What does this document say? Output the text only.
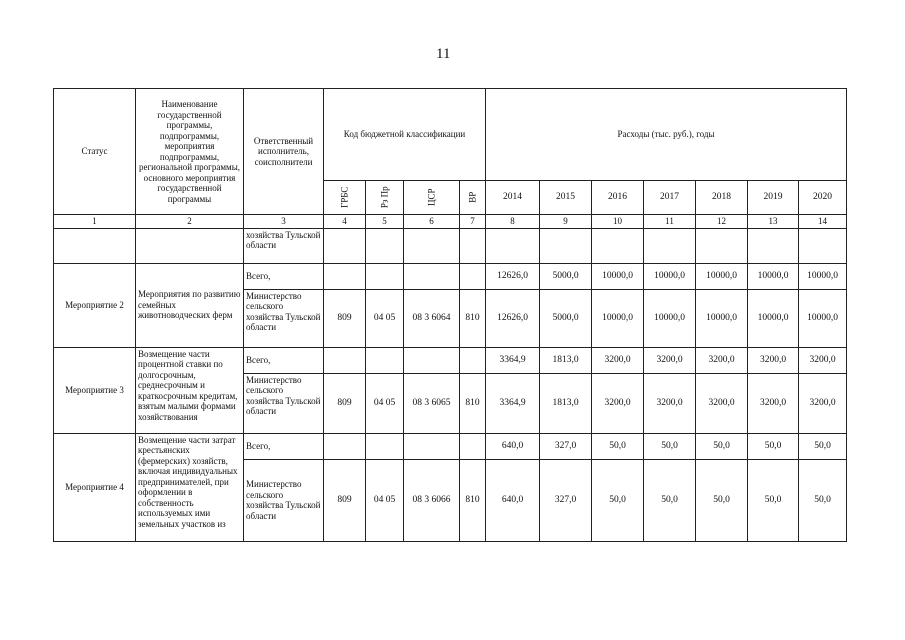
11
Статус	Наименование государственной программы, подпрограммы, мероприятия подпрограммы, региональной программы, основного мероприятия государственной программы	Ответственный исполнитель, соисполнители	Код бюджетной классификации				Расходы (тыс. руб.), годы						
			ГРБС	Рз Пр	ЦСР	ВР	2014	2015	2016	2017	2018	2019	2020
1	2	3	4	5	6	7	8	9	10	11	12	13	14
		хозяйства Тульской области											
Мероприятие 2	Мероприятия по развитию семейных животноводческих ферм	Всего,					12626,0	5000,0	10000,0	10000,0	10000,0	10000,0	10000,0
		Министерство сельского хозяйства Тульской области	809	04 05	08 3 6064	810	12626,0	5000,0	10000,0	10000,0	10000,0	10000,0	10000,0
Мероприятие 3	Возмещение части процентной ставки по долгосрочным, среднесрочным и краткосрочным кредитам, взятым малыми формами хозяйствования	Всего,					3364,9	1813,0	3200,0	3200,0	3200,0	3200,0	3200,0
		Министерство сельского хозяйства Тульской области	809	04 05	08 3 6065	810	3364,9	1813,0	3200,0	3200,0	3200,0	3200,0	3200,0
Мероприятие 4	Возмещение части затрат крестьянских (фермерских) хозяйств, включая индивидуальных предпринимателей, при оформлении в собственность используемых ими земельных участков из	Всего,					640,0	327,0	50,0	50,0	50,0	50,0	50,0
		Министерство сельского хозяйства Тульской области	809	04 05	08 3 6066	810	640,0	327,0	50,0	50,0	50,0	50,0	50,0
